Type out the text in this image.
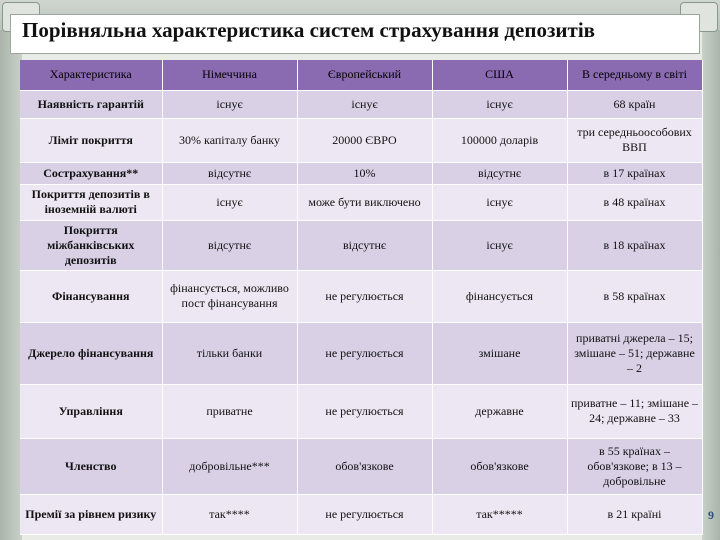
Порівняльна характеристика систем страхування депозитів
Характеристика	Німеччина	Європейський	США	В середньому в світі
Наявність гарантій	існує	існує	існує	68 країн
Ліміт покриття	30% капіталу банку	20000 ЄВРО	100000 доларів	три середньоособових ВВП
Сострахування**	відсутнє	10%	відсутнє	в 17 країнах
Покриття депозитів в іноземній валюті	існує	може бути виключено	існує	в 48 країнах
Покриття міжбанківських депозитів	відсутнє	відсутнє	існує	в 18 країнах
Фінансування	фінансується, можливо пост фінансування	не регулюється	фінансується	в 58 країнах
Джерело фінансування	тільки банки	не регулюється	змішане	приватні джерела – 15; змішане – 51; державне – 2
Управління	приватне	не регулюється	державне	приватне – 11; змішане – 24; державне – 33
Членство	добровільне***	обов'язкове	обов'язкове	в 55 країнах – обов'язкове; в 13 – добровільне
Премії за рівнем ризику	так****	не регулюється	так*****	в 21 країні	9
